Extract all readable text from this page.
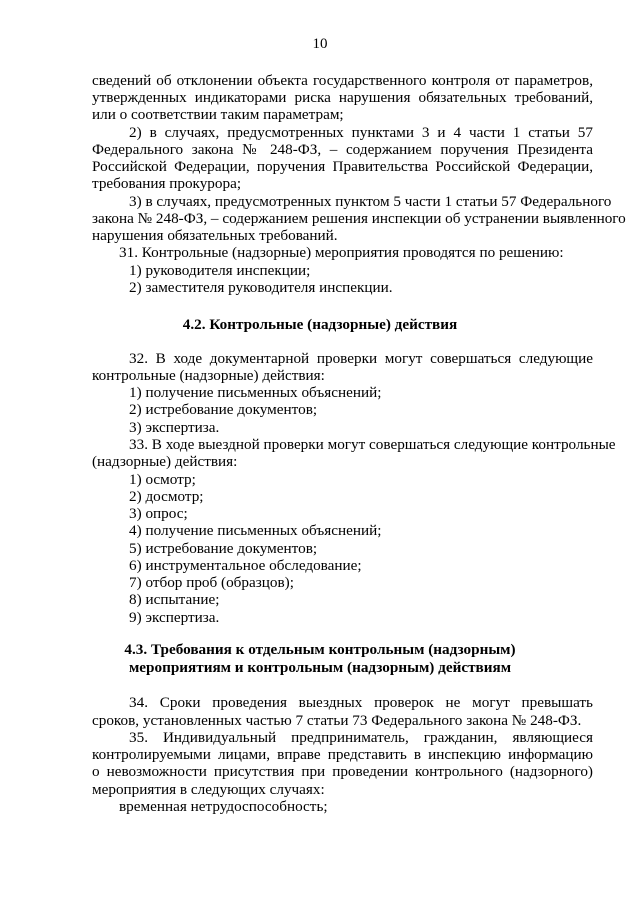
10
сведений об отклонении объекта государственного контроля от параметров,
утвержденных индикаторами риска нарушения обязательных требований,
или о соответствии таким параметрам;
2) в случаях, предусмотренных пунктами 3 и 4 части 1 статьи 57
Федерального закона № 248-ФЗ, – содержанием поручения Президента
Российской Федерации, поручения Правительства Российской Федерации,
требования прокурора;
3) в случаях, предусмотренных пунктом 5 части 1 статьи 57 Федерального
закона № 248-ФЗ, – содержанием решения инспекции об устранении выявленного
нарушения обязательных требований.
31. Контрольные (надзорные) мероприятия проводятся по решению:
1) руководителя инспекции;
2) заместителя руководителя инспекции.
4.2. Контрольные (надзорные) действия
32. В ходе документарной проверки могут совершаться следующие
контрольные (надзорные) действия:
1) получение письменных объяснений;
2) истребование документов;
3) экспертиза.
33. В ходе выездной проверки могут совершаться следующие контрольные
(надзорные) действия:
1) осмотр;
2) досмотр;
3) опрос;
4) получение письменных объяснений;
5) истребование документов;
6) инструментальное обследование;
7) отбор проб (образцов);
8) испытание;
9) экспертиза.
4.3. Требования к отдельным контрольным (надзорным)
мероприятиям и контрольным (надзорным) действиям
34. Сроки проведения выездных проверок не могут превышать
сроков, установленных частью 7 статьи 73 Федерального закона № 248-ФЗ.
35. Индивидуальный предприниматель, гражданин, являющиеся
контролируемыми лицами, вправе представить в инспекцию информацию
о невозможности присутствия при проведении контрольного (надзорного)
мероприятия в следующих случаях:
временная нетрудоспособность;
